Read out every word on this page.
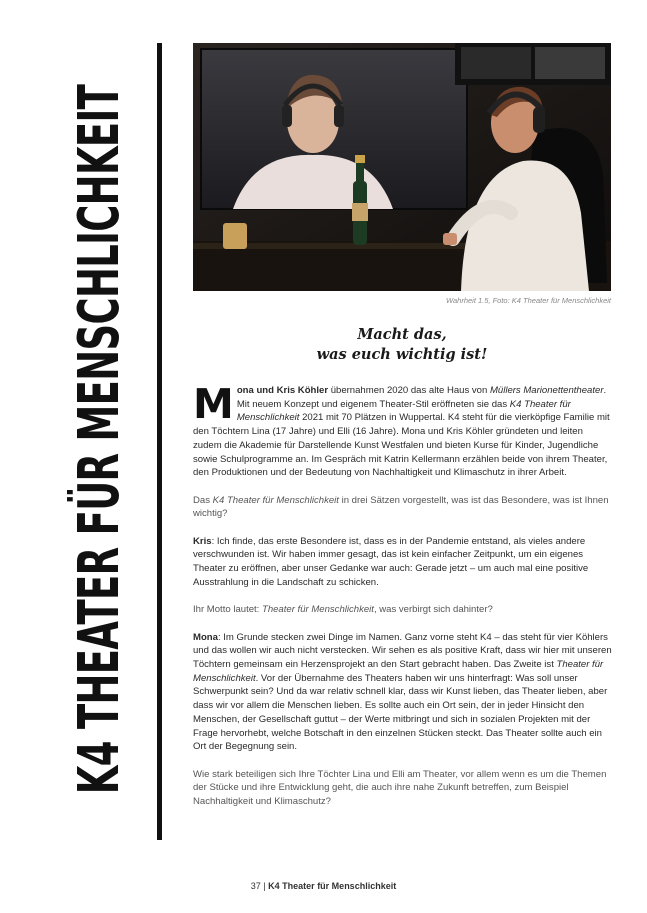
K4 THEATER FÜR MENSCHLICHKEIT	Wahrheit 1.5, Foto: K4 Theater für Menschlichkeit
Macht das,
was euch wichtig ist!

Mona und Kris Köhler übernahmen 2020 das alte Haus von Müllers Marionettentheater. Mit neuem Konzept und eigenem Theater-Stil eröffneten sie das K4 Theater für Menschlichkeit 2021 mit 70 Plätzen in Wuppertal. K4 steht für die vierköpfige Familie mit den Töchtern Lina (17 Jahre) und Elli (16 Jahre). Mona und Kris Köhler gründeten und leiten zudem die Akademie für Darstellende Kunst Westfalen und bieten Kurse für Kinder, Jugendliche sowie Schulprogramme an. Im Gespräch mit Katrin Kellermann erzählen beide von ihrem Theater, den Produktionen und der Bedeutung von Nachhaltigkeit und Klimaschutz in ihrer Arbeit.

Das K4 Theater für Menschlichkeit in drei Sätzen vorgestellt, was ist das Besondere, was ist Ihnen wichtig?

Kris: Ich finde, das erste Besondere ist, dass es in der Pandemie entstand, als vieles andere verschwunden ist. Wir haben immer gesagt, das ist kein einfacher Zeitpunkt, um ein eigenes Theater zu eröffnen, aber unser Gedanke war auch: Gerade jetzt – um auch mal eine positive Ausstrahlung in die Landschaft zu schicken.

Ihr Motto lautet: Theater für Menschlichkeit, was verbirgt sich dahinter?

Mona: Im Grunde stecken zwei Dinge im Namen. Ganz vorne steht K4 – das steht für vier Köhlers und das wollen wir auch nicht verstecken. Wir sehen es als positive Kraft, dass wir hier mit unseren Töchtern gemeinsam ein Herzensprojekt an den Start gebracht haben. Das Zweite ist Theater für Menschlichkeit. Vor der Übernahme des Theaters haben wir uns hinterfragt: Was soll unser Schwerpunkt sein? Und da war relativ schnell klar, dass wir Kunst lieben, das Theater lieben, aber dass wir vor allem die Menschen lieben. Es sollte auch ein Ort sein, der in jeder Hinsicht den Menschen, der Gesellschaft guttut – der Werte mitbringt und sich in sozialen Projekten mit der Frage hervorhebt, welche Botschaft in den einzelnen Stücken steckt. Das Theater sollte auch ein Ort der Begegnung sein.

Wie stark beteiligen sich Ihre Töchter Lina und Elli am Theater, vor allem wenn es um die Themen der Stücke und ihre Entwicklung geht, die auch ihre nahe Zukunft betreffen, zum Beispiel Nachhaltigkeit und Klimaschutz?

37 | K4 Theater für Menschlichkeit
